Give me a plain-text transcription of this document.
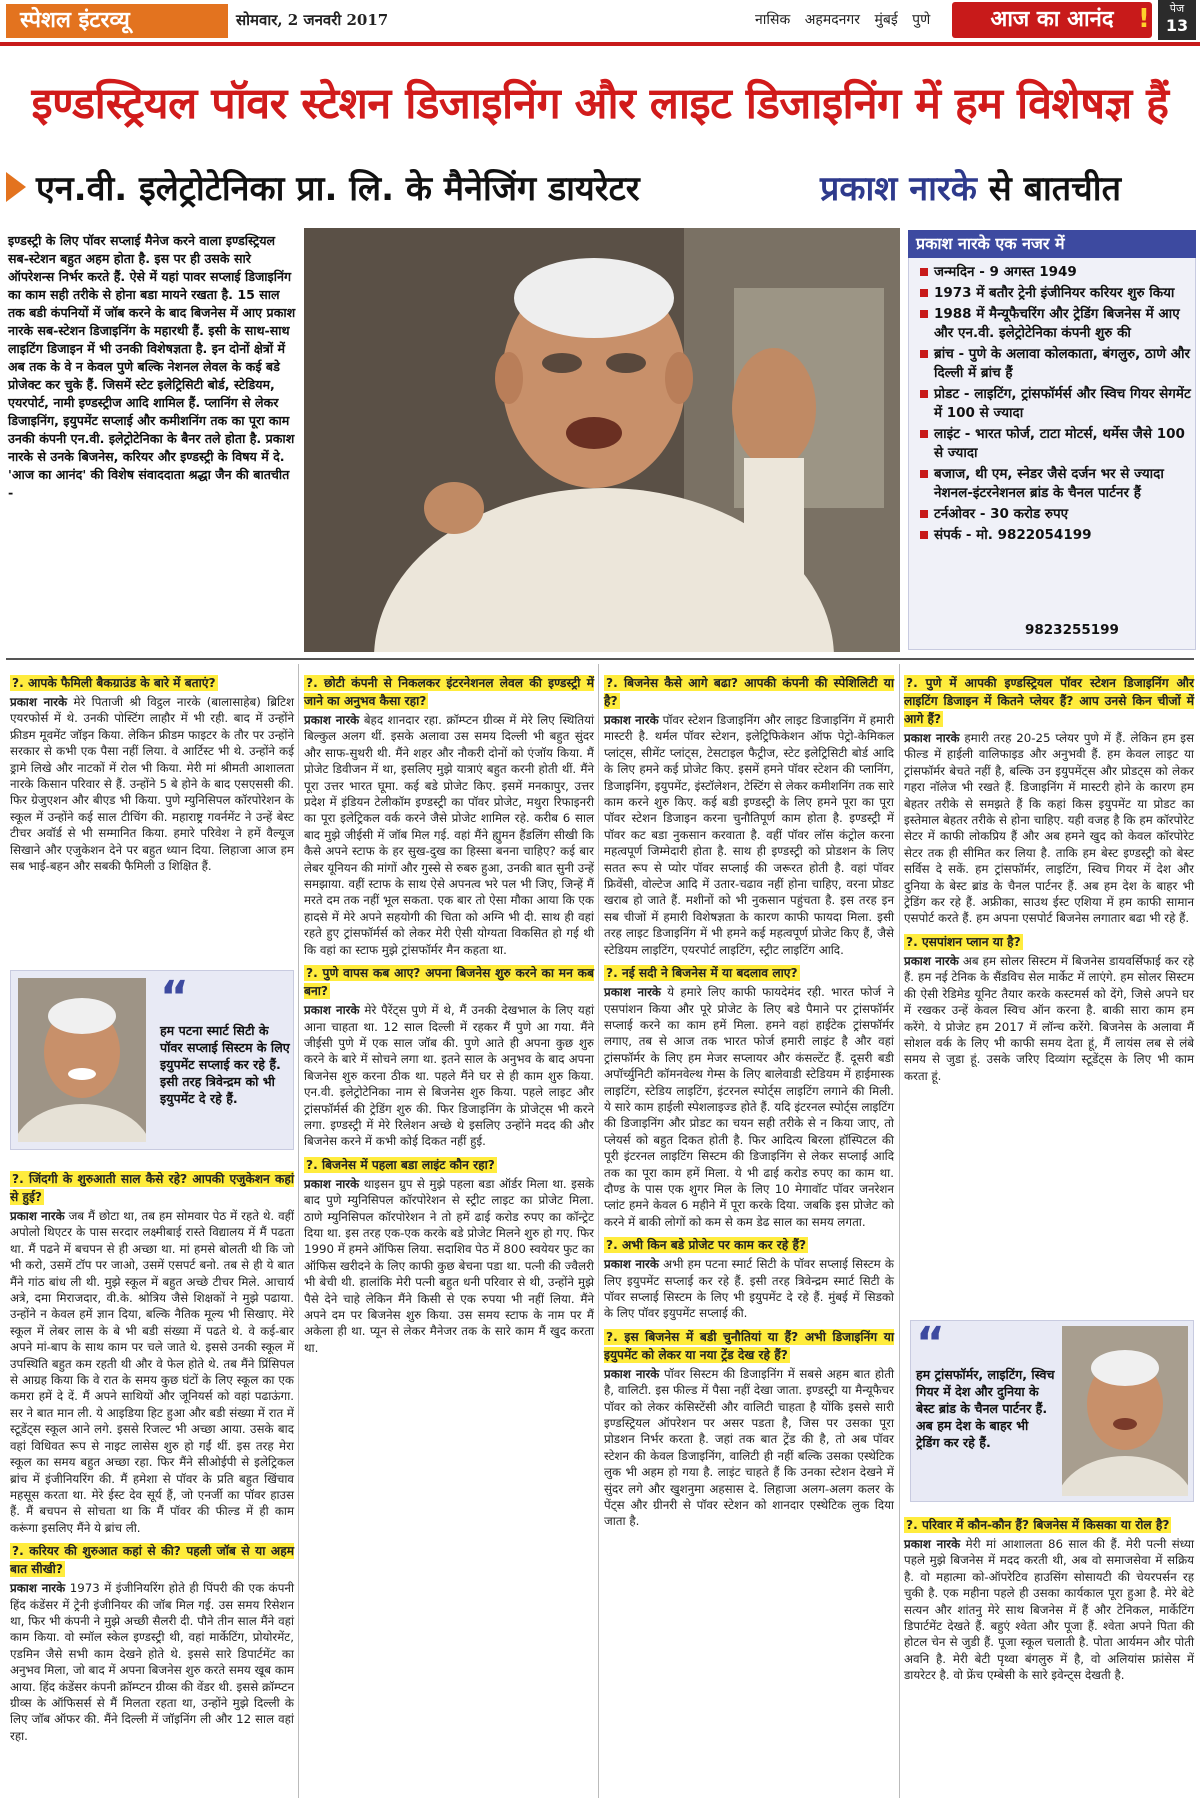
स्पेशल इंटरव्यू	सोमवार, 2 जनवरी 2017	नासिक अहमदनगर मुंबई पुणे	आज का आनंद !	पेज
13
इण्डस्ट्रियल पॉवर स्टेशन डिजाइनिंग और लाइट डिजाइनिंग में हम विशेषज्ञ हैं
एन.वी. इलेट्रोटेनिका प्रा. लि. के मैनेजिंग डायरेटर	प्रकाश नारके से बातचीत
इण्डस्ट्री के लिए पॉवर सप्लाई मैनेज करने वाला इण्डस्ट्रियल सब-स्टेशन बहुत अहम होता है. इस पर ही उसके सारे ऑपरेशन्स निर्भर करते हैं. ऐसे में यहां पावर सप्लाई डिजाइनिंग का काम सही तरीके से होना बडा मायने रखता है. 15 साल तक बडी कंपनियों में जॉब करने के बाद बिजनेस में आए प्रकाश नारके सब-स्टेशन डिजाइनिंग के महारथी हैं. इसी के साथ-साथ लाइटिंग डिजाइन में भी उनकी विशेषज्ञता है. इन दोनों क्षेत्रों में अब तक के वे न केवल पुणे बल्कि नेशनल लेवल के कई बडे प्रोजेक्ट कर चुके हैं. जिसमें स्टेट इलेट्रिसिटी बोर्ड, स्टेडियम, एयरपोर्ट, नामी इण्डस्ट्रीज आदि शामिल हैं. प्लानिंग से लेकर डिजाइनिंग, इयुपमेंट सप्लाई और कमीशनिंग तक का पूरा काम उनकी कंपनी एन.वी. इलेट्रोटेनिका के बैनर तले होता है. प्रकाश नारके से उनके बिजनेस, करियर और इण्डस्ट्री के विषय में दे. 'आज का आनंद' की विशेष संवाददाता श्रद्धा जैन की बातचीत -
प्रकाश नारके एक नजर में
जन्मदिन - 9 अगस्त 1949
1973 में बतौर ट्रेनी इंजीनियर करियर शुरु किया
1988 में मैन्यूफैचरिंग और ट्रेडिंग बिजनेस में आए और एन.वी. इलेट्रोटेनिका कंपनी शुरु की
ब्रांच - पुणे के अलावा कोलकाता, बंगलुरु, ठाणे और दिल्ली में ब्रांच हैं
प्रोडट - लाइटिंग, ट्रांसफॉर्मर्स और स्विच गियर सेगमेंट में 100 से ज्यादा
लाइंट - भारत फोर्ज, टाटा मोटर्स, थर्मेस जैसे 100 से ज्यादा
बजाज, थी एम, स्नेडर जैसे दर्जन भर से ज्यादा नेशनल-इंटरनेशनल ब्रांड के चैनल पार्टनर हैं
टर्नओवर - 30 करोड रुपए
संपर्क - मो. 9822054199
9823255199
?. आपके फैमिली बैकग्राउंड के बारे में बताएं?

प्रकाश नारके मेरे पिताजी श्री विट्ठल नारके (बालासाहेब) ब्रिटिश एयरफोर्स में थे. उनकी पोस्टिंग लाहौर में भी रही. बाद में उन्होंने फ्रीडम मूवमेंट जॉइन किया. लेकिन फ्रीडम फाइटर के तौर पर उन्होंने सरकार से कभी एक पैसा नहीं लिया. वे आर्टिस्ट भी थे. उन्होंने कई ड्रामे लिखे और नाटकों में रोल भी किया. मेरी मां श्रीमती आशालता नारके किसान परिवार से हैं. उन्होंने 5 बे होने के बाद एसएससी की. फिर ग्रेजुएशन और बीएड भी किया. पुणे म्युनिसिपल कॉरपोरेशन के स्कूल में उन्होंने कई साल टीचिंग की. महाराष्ट्र गवर्नमेंट ने उन्हें बेस्ट टीचर अवॉर्ड से भी सम्मानित किया. हमारे परिवेश ने हमें वैल्यूज सिखाने और एजुकेशन देने पर बहुत ध्यान दिया. लिहाजा आज हम सब भाई-बहन और सबकी फैमिली उ शिक्षित हैं.

“
हम पटना स्मार्ट सिटी के पॉवर सप्लाई सिस्टम के लिए इयुपमेंट सप्लाई कर रहे हैं. इसी तरह त्रिवेन्द्रम को भी इयुपमेंट दे रहे हैं.
?. जिंदगी के शुरुआती साल कैसे रहे? आपकी एजुकेशन कहां से हुई?

प्रकाश नारके जब मैं छोटा था, तब हम सोमवार पेठ में रहते थे. वहीं अपोलो थिएटर के पास सरदार लक्ष्मीबाई रास्ते विद्यालय में मैं पढता था. मैं पढने में बचपन से ही अच्छा था. मां हमसे बोलती थी कि जो भी करो, उसमें टॉप पर जाओ, उसमें एसपर्ट बनो. तब से ही ये बात मैंने गांठ बांध ली थी. मुझे स्कूल में बहुत अच्छे टीचर मिले. आचार्य अत्रे, दमा मिराजदार, वी.के. श्रोत्रिय जैसे शिक्षकों ने मुझे पढाया. उन्होंने न केवल हमें ज्ञान दिया, बल्कि नैतिक मूल्य भी सिखाए. मेरे स्कूल में लेबर लास के बे भी बडी संख्या में पढते थे. वे कई-बार अपने मां-बाप के साथ काम पर चले जाते थे. इससे उनकी स्कूल में उपस्थिति बहुत कम रहती थी और वे फेल होते थे. तब मैंने प्रिंसिपल से आग्रह किया कि वे रात के समय कुछ घंटों के लिए स्कूल का एक कमरा हमें दे दें. मैं अपने साथियों और जूनियर्स को वहां पढाऊंगा. सर ने बात मान ली. ये आइडिया हिट हुआ और बडी संख्या में रात में स्टूडेंट्स स्कूल आने लगे. इससे रिजल्ट भी अच्छा आया. उसके बाद वहां विधिवत रूप से नाइट लासेस शुरु हो गईं थीं. इस तरह मेरा स्कूल का समय बहुत अच्छा रहा. फिर मैंने सीओईपी से इलेट्रिकल ब्रांच में इंजीनियरिंग की. मैं हमेशा से पॉवर के प्रति बहुत खिंचाव महसूस करता था. मेरे ईस्ट देव सूर्य हैं, जो एनर्जी का पॉवर हाउस हैं. मैं बचपन से सोचता था कि मैं पॉवर की फील्ड में ही काम करूंगा इसलिए मैंने ये ब्रांच ली.

?. करियर की शुरुआत कहां से की? पहली जॉब से या अहम बात सीखी?

प्रकाश नारके 1973 में इंजीनियरिंग होते ही पिंपरी की एक कंपनी हिंद कंडेंसर में ट्रेनी इंजीनियर की जॉब मिल गई. उस समय रिसेशन था, फिर भी कंपनी ने मुझे अच्छी सैलरी दी. पौने तीन साल मैंने वहां काम किया. वो स्मॉल स्केल इण्डस्ट्री थी, वहां मार्केटिंग, प्रोयोरमेंट, एडमिन जैसे सभी काम देखने होते थे. इससे सारे डिपार्टमेंट का अनुभव मिला, जो बाद में अपना बिजनेस शुरु करते समय खूब काम आया. हिंद कंडेंसर कंपनी क्रॉम्प्टन ग्रीव्स की वेंडर थी. इससे क्रॉम्प्टन ग्रीव्स के ऑफिसर्स से मैं मिलता रहता था, उन्होंने मुझे दिल्ली के लिए जॉब ऑफर की. मैंने दिल्ली में जॉइनिंग ली और 12 साल वहां रहा.

?. छोटी कंपनी से निकलकर इंटरनेशनल लेवल की इण्डस्ट्री में जाने का अनुभव कैसा रहा?

प्रकाश नारके बेहद शानदार रहा. क्रॉम्प्टन ग्रीव्स में मेरे लिए स्थितियां बिल्कुल अलग थीं. इसके अलावा उस समय दिल्ली भी बहुत सुंदर और साफ-सुथरी थी. मैंने शहर और नौकरी दोनों को एंजॉय किया. मैं प्रोजेट डिवीजन में था, इसलिए मुझे यात्राएं बहुत करनी होती थीं. मैंने पूरा उत्तर भारत घूमा. कई बडे प्रोजेट किए. इसमें मनकापुर, उत्तर प्रदेश में इंडियन टेलीकॉम इण्डस्ट्री का पॉवर प्रोजेट, मथुरा रिफाइनरी का पूरा इलेट्रिकल वर्क करने जैसे प्रोजेट शामिल रहे. करीब 6 साल बाद मुझे जीईसी में जॉब मिल गई. वहां मैंने ह्युमन हैंडलिंग सीखी कि कैसे अपने स्टाफ के हर सुख-दुख का हिस्सा बनना चाहिए? कई बार लेबर यूनियन की मांगों और गुस्से से रुबरु हुआ, उनकी बात सुनी उन्हें समझाया. वहीं स्टाफ के साथ ऐसे अपनत्व भरे पल भी जिए, जिन्हें मैं मरते दम तक नहीं भूल सकता. एक बार तो ऐसा मौका आया कि एक हादसे में मेरे अपने सहयोगी की चिता को अग्नि भी दी. साथ ही वहां रहते हुए ट्रांसफॉर्मर्स को लेकर मेरी ऐसी योग्यता विकसित हो गई थी कि वहां का स्टाफ मुझे ट्रांसफॉर्मर मैन कहता था.

?. पुणे वापस कब आए? अपना बिजनेस शुरु करने का मन कब बना?

प्रकाश नारके मेरे पैरेंट्स पुणे में थे, मैं उनकी देखभाल के लिए यहां आना चाहता था. 12 साल दिल्ली में रहकर मैं पुणे आ गया. मैंने जीईसी पुणे में एक साल जॉब की. पुणे आते ही अपना कुछ शुरु करने के बारे में सोचने लगा था. इतने साल के अनुभव के बाद अपना बिजनेस शुरु करना ठीक था. पहले मैंने घर से ही काम शुरु किया. एन.वी. इलेट्रोटेनिका नाम से बिजनेस शुरु किया. पहले लाइट और ट्रांसफॉर्मर्स की ट्रेडिंग शुरु की. फिर डिजाइनिंग के प्रोजेट्स भी करने लगा. इण्डस्ट्री में मेरे रिलेशन अच्छे थे इसलिए उन्होंने मदद की और बिजनेस करने में कभी कोई दिकत नहीं हुई.

?. बिजनेस में पहला बडा लाइंट कौन रहा?

प्रकाश नारके थाइसन ग्रुप से मुझे पहला बडा ऑर्डर मिला था. इसके बाद पुणे म्युनिसिपल कॉरपोरेशन से स्ट्रीट लाइट का प्रोजेट मिला. ठाणे म्युनिसिपल कॉरपोरेशन ने तो हमें ढाई करोड रुपए का कॉन्ट्रेट दिया था. इस तरह एक-एक करके बडे प्रोजेट मिलने शुरु हो गए. फिर 1990 में हमने ऑफिस लिया. सदाशिव पेठ में 800 स्वयेयर फुट का ऑफिस खरीदने के लिए काफी कुछ बेचना पडा था. पत्नी की ज्वैलरी भी बेची थी. हालांकि मेरी पत्नी बहुत धनी परिवार से थी, उन्होंने मुझे पैसे देने चाहे लेकिन मैंने किसी से एक रुपया भी नहीं लिया. मैंने अपने दम पर बिजनेस शुरु किया. उस समय स्टाफ के नाम पर मैं अकेला ही था. प्यून से लेकर मैनेजर तक के सारे काम मैं खुद करता था.

?. बिजनेस कैसे आगे बढा? आपकी कंपनी की स्पेशिलिटी या है?

प्रकाश नारके पॉवर स्टेशन डिजाइनिंग और लाइट डिजाइनिंग में हमारी मास्टरी है. थर्मल पॉवर स्टेशन, इलेट्रिफिकेशन ऑफ पेट्रो-केमिकल प्लांट्स, सीमेंट प्लांट्स, टेसटाइल फैट्रीज, स्टेट इलेट्रिसिटी बोर्ड आदि के लिए हमने कई प्रोजेट किए. इसमें हमने पॉवर स्टेशन की प्लानिंग, डिजाइनिंग, इयुपमेंट, इंस्टॉलेशन, टेस्टिंग से लेकर कमीशनिंग तक सारे काम करने शुरु किए. कई बडी इण्डस्ट्री के लिए हमने पूरा का पूरा पॉवर स्टेशन डिजाइन करना चुनौतिपूर्ण काम होता है. इण्डस्ट्री में पॉवर कट बडा नुकसान करवाता है. वहीं पॉवर लॉस कंट्रोल करना महत्वपूर्ण जिम्मेदारी होता है. साथ ही इण्डस्ट्री को प्रोडशन के लिए सतत रूप से प्योर पॉवर सप्लाई की जरूरत होती है. वहां पॉवर फ्रिवेंसी, वोल्टेज आदि में उतार-चढाव नहीं होना चाहिए, वरना प्रोडट खराब हो जाते हैं. मशीनों को भी नुकसान पहुंचता है. इस तरह इन सब चीजों में हमारी विशेषज्ञता के कारण काफी फायदा मिला. इसी तरह लाइट डिजाइनिंग में भी हमने कई महत्वपूर्ण प्रोजेट किए हैं, जैसे स्टेडियम लाइटिंग, एयरपोर्ट लाइटिंग, स्ट्रीट लाइटिंग आदि.

?. नई सदी ने बिजनेस में या बदलाव लाए?

प्रकाश नारके ये हमारे लिए काफी फायदेमंद रही. भारत फोर्ज ने एसपांशन किया और पूरे प्रोजेट के लिए बडे पैमाने पर ट्रांसफॉर्मर सप्लाई करने का काम हमें मिला. हमने वहां हाईटेक ट्रांसफॉर्मर लगाए, तब से आज तक भारत फोर्ज हमारी लाइंट है और वहां ट्रांसफॉर्मर के लिए हम मेजर सप्लायर और कंसल्टेंट हैं. दूसरी बडी अपॉर्च्युनिटी कॉमनवेल्थ गेम्स के लिए बालेवाडी स्टेडियम में हाईमास्क लाइटिंग, स्टेडिय लाइटिंग, इंटरनल स्पोर्ट्स लाइटिंग लगाने की मिली. ये सारे काम हाईली स्पेशलाइज्ड होते हैं. यदि इंटरनल स्पोर्ट्स लाइटिंग की डिजाइनिंग और प्रोडट का चयन सही तरीके से न किया जाए, तो प्लेयर्स को बहुत दिकत होती है. फिर आदित्य बिरला हॉस्पिटल की पूरी इंटरनल लाइटिंग सिस्टम की डिजाइनिंग से लेकर सप्लाई आदि तक का पूरा काम हमें मिला. ये भी ढाई करोड रुपए का काम था. दौण्ड के पास एक शुगर मिल के लिए 10 मेगावॉट पॉवर जनरेशन प्लांट हमने केवल 6 महीने में पूरा करके दिया. जबकि इस प्रोजेट को करने में बाकी लोगों को कम से कम डेढ साल का समय लगता.

?. अभी किन बडे प्रोजेट पर काम कर रहे हैं?

प्रकाश नारके अभी हम पटना स्मार्ट सिटी के पॉवर सप्लाई सिस्टम के लिए इयुपमेंट सप्लाई कर रहे हैं. इसी तरह त्रिवेन्द्रम स्मार्ट सिटी के पॉवर सप्लाई सिस्टम के लिए भी इयुपमेंट दे रहे हैं. मुंबई में सिडको के लिए पॉवर इयुपमेंट सप्लाई की.

?. इस बिजनेस में बडी चुनौतियां या हैं? अभी डिजाइनिंग या इयुपमेंट को लेकर या नया ट्रेंड देख रहे हैं?

प्रकाश नारके पॉवर सिस्टम की डिजाइनिंग में सबसे अहम बात होती है, वालिटी. इस फील्ड में पैसा नहीं देखा जाता. इण्डस्ट्री या मैन्यूफैचर पॉवर को लेकर कंसिस्टेंसी और वालिटी चाहता है योंकि इससे सारी इण्डस्ट्रियल ऑपरेशन पर असर पडता है, जिस पर उसका पूरा प्रोडशन निर्भर करता है. जहां तक बात ट्रेंड की है, तो अब पॉवर स्टेशन की केवल डिजाइनिंग, वालिटी ही नहीं बल्कि उसका एस्थेटिक लुक भी अहम हो गया है. लाइंट चाहते हैं कि उनका स्टेशन देखने में सुंदर लगे और खुशनुमा अहसास दे. लिहाजा अलग-अलग कलर के पेंट्स और ग्रीनरी से पॉवर स्टेशन को शानदार एस्थेटिक लुक दिया जाता है.

?. पुणे में आपकी इण्डस्ट्रियल पॉवर स्टेशन डिजाइनिंग और लाइटिंग डिजाइन में कितने प्लेयर हैं? आप उनसे किन चीजों में आगे हैं?

प्रकाश नारके हमारी तरह 20-25 प्लेयर पुणे में हैं. लेकिन हम इस फील्ड में हाईली वालिफाइड और अनुभवी हैं. हम केवल लाइट या ट्रांसफॉर्मर बेचते नहीं है, बल्कि उन इयुपमेंट्स और प्रोडट्स को लेकर गहरा नॉलेज भी रखते हैं. डिजाइनिंग में मास्टरी होने के कारण हम बेहतर तरीके से समझते हैं कि कहां किस इयुपमेंट या प्रोडट का इस्तेमाल बेहतर तरीके से होना चाहिए. यही वजह है कि हम कॉरपोरेट सेटर में काफी लोकप्रिय हैं और अब हमने खुद को केवल कॉरपोरेट सेटर तक ही सीमित कर लिया है. ताकि हम बेस्ट इण्डस्ट्री को बेस्ट सर्विस दे सकें. हम ट्रांसफॉर्मर, लाइटिंग, स्विच गियर में देश और दुनिया के बेस्ट ब्रांड के चैनल पार्टनर हैं. अब हम देश के बाहर भी ट्रेडिंग कर रहे हैं. अफ्रीका, साउथ ईस्ट एशिया में हम काफी सामान एसपोर्ट करते हैं. हम अपना एसपोर्ट बिजनेस लगातार बढा भी रहे हैं.

?. एसपांशन प्लान या है?

प्रकाश नारके अब हम सोलर सिस्टम में बिजनेस डायवर्सिफाई कर रहे हैं. हम नई टेनिक के सैंडविच सेल मार्केट में लाएंगे. हम सोलर सिस्टम की ऐसी रेडिमेड यूनिट तैयार करके कस्टमर्स को देंगे, जिसे अपने घर में रखकर उन्हें केवल स्विच ऑन करना है. बाकी सारा काम हम करेंगे. ये प्रोजेट हम 2017 में लॉन्च करेंगे. बिजनेस के अलावा मैं सोशल वर्क के लिए भी काफी समय देता हूं, मैं लायंस लब से लंबे समय से जुडा हूं. उसके जरिए दिव्यांग स्टूडेंट्स के लिए भी काम करता हूं.

“
हम ट्रांसफॉर्मर, लाइटिंग, स्विच गियर में देश और दुनिया के बेस्ट ब्रांड के चैनल पार्टनर हैं. अब हम देश के बाहर भी ट्रेडिंग कर रहे हैं.
?. परिवार में कौन-कौन हैं? बिजनेस में किसका या रोल है?

प्रकाश नारके मेरी मां आशालता 86 साल की हैं. मेरी पत्नी संध्या पहले मुझे बिजनेस में मदद करती थी, अब वो समाजसेवा में सक्रिय है. वो महात्मा को-ऑपरेटिव हाउसिंग सोसायटी की चेयरपर्सन रह चुकी है. एक महीना पहले ही उसका कार्यकाल पूरा हुआ है. मेरे बेटे सत्यन और शांतनु मेरे साथ बिजनेस में हैं और टेनिकल, मार्केटिंग डिपार्टमेंट देखते हैं. बहुएं श्वेता और पूजा हैं. श्वेता अपने पिता की होटल चेन से जुडी हैं. पूजा स्कूल चलाती है. पोता आर्यमन और पोती अवनि है. मेरी बेटी पृथ्वा बंगलुरु में है, वो अलियांस फ्रांसेस में डायरेटर है. वो फ्रेंच एम्बेसी के सारे इवेन्ट्स देखती है.
